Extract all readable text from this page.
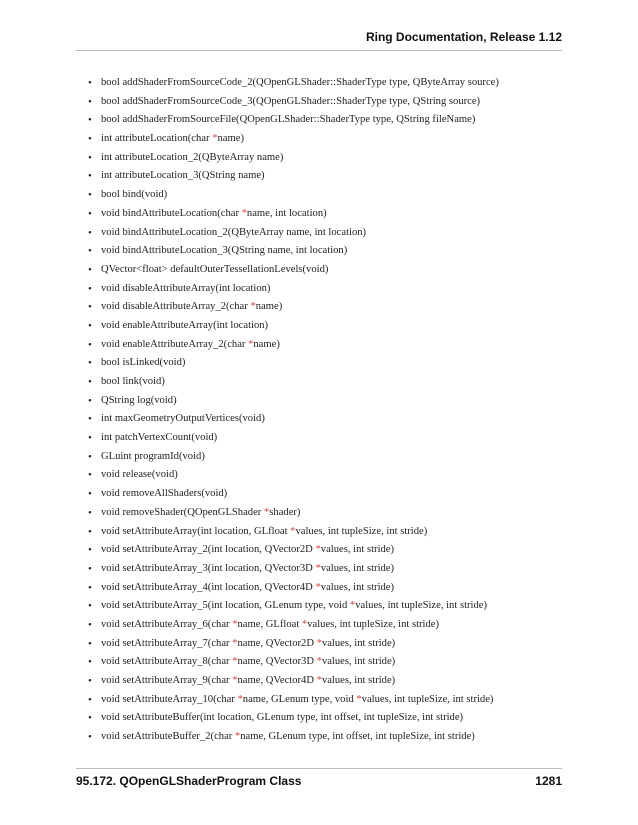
Ring Documentation, Release 1.12
• bool addShaderFromSourceCode_2(QOpenGLShader::ShaderType type, QByteArray source)
• bool addShaderFromSourceCode_3(QOpenGLShader::ShaderType type, QString source)
• bool addShaderFromSourceFile(QOpenGLShader::ShaderType type, QString fileName)
• int attributeLocation(char *name)
• int attributeLocation_2(QByteArray name)
• int attributeLocation_3(QString name)
• bool bind(void)
• void bindAttributeLocation(char *name, int location)
• void bindAttributeLocation_2(QByteArray name, int location)
• void bindAttributeLocation_3(QString name, int location)
• QVector<float> defaultOuterTessellationLevels(void)
• void disableAttributeArray(int location)
• void disableAttributeArray_2(char *name)
• void enableAttributeArray(int location)
• void enableAttributeArray_2(char *name)
• bool isLinked(void)
• bool link(void)
• QString log(void)
• int maxGeometryOutputVertices(void)
• int patchVertexCount(void)
• GLuint programId(void)
• void release(void)
• void removeAllShaders(void)
• void removeShader(QOpenGLShader *shader)
• void setAttributeArray(int location, GLfloat *values, int tupleSize, int stride)
• void setAttributeArray_2(int location, QVector2D *values, int stride)
• void setAttributeArray_3(int location, QVector3D *values, int stride)
• void setAttributeArray_4(int location, QVector4D *values, int stride)
• void setAttributeArray_5(int location, GLenum type, void *values, int tupleSize, int stride)
• void setAttributeArray_6(char *name, GLfloat *values, int tupleSize, int stride)
• void setAttributeArray_7(char *name, QVector2D *values, int stride)
• void setAttributeArray_8(char *name, QVector3D *values, int stride)
• void setAttributeArray_9(char *name, QVector4D *values, int stride)
• void setAttributeArray_10(char *name, GLenum type, void *values, int tupleSize, int stride)
• void setAttributeBuffer(int location, GLenum type, int offset, int tupleSize, int stride)
• void setAttributeBuffer_2(char *name, GLenum type, int offset, int tupleSize, int stride)
95.172. QOpenGLShaderProgram Class	1281
